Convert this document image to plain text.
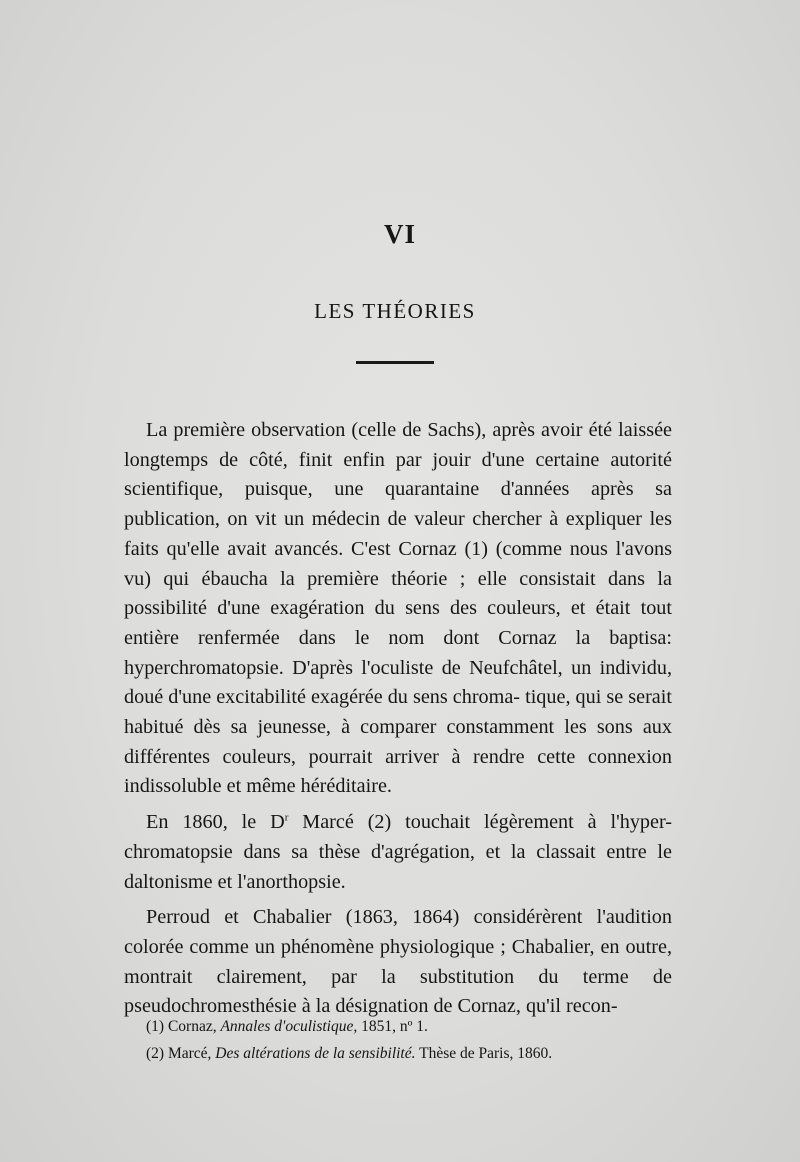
VI
LES THÉORIES

La première observation (celle de Sachs), après avoir été laissée longtemps de côté, finit enfin par jouir d'une certaine autorité scientifique, puisque, une quarantaine d'années après sa publication, on vit un médecin de valeur chercher à expliquer les faits qu'elle avait avancés. C'est Cornaz (1) (comme nous l'avons vu) qui ébaucha la première théorie ; elle consistait dans la possibilité d'une exagération du sens des couleurs, et était tout entière renfermée dans le nom dont Cornaz la baptisa: hyperchromatopsie. D'après l'oculiste de Neufchâtel, un individu, doué d'une excitabilité exagérée du sens chroma- tique, qui se serait habitué dès sa jeunesse, à comparer constamment les sons aux différentes couleurs, pourrait arriver à rendre cette connexion indissoluble et même héréditaire.

En 1860, le $D^r$ Marcé (2) touchait légèrement à l'hyper-chromatopsie dans sa thèse d'agrégation, et la classait entre le daltonisme et l'anorthopsie.

Perroud et Chabalier (1863, 1864) considérèrent l'audition colorée comme un phénomène physiologique ; Chabalier, en outre, montrait clairement, par la substitution du terme de pseudochromesthésie à la désignation de Cornaz, qu'il recon-

(1) Cornaz, Annales d'oculistique, 1851, nº 1.

(2) Marcé, Des altérations de la sensibilité. Thèse de Paris, 1860.
